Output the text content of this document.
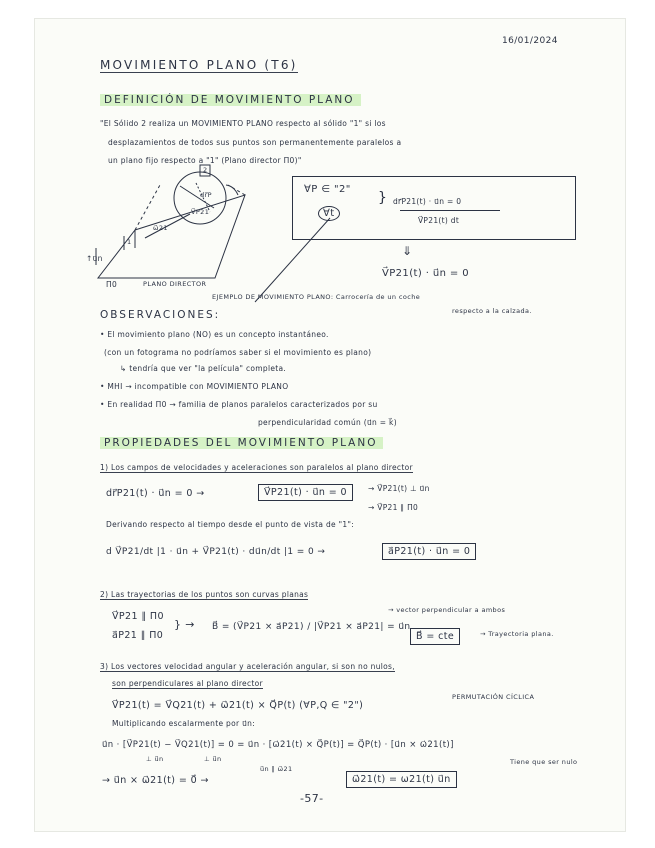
16/01/2024
MOVIMIENTO PLANO (T6)
DEFINICIÓN DE MOVIMIENTO PLANO
"El Sólido 2 realiza un MOVIMIENTO PLANO respecto al sólido "1" si los
desplazamientos de todos sus puntos son permanentemente paralelos a
un plano fijo respecto a "1" (Plano director Π0)"
2
PLANO DIRECTOR
Π0
↑u⃗n
1
ω⃗21
dr⃗P
V⃗P21
∀P ∈ "2"
∀t
} dr⃗P21(t) · u⃗n = 0
V⃗P21(t) dt
⇓
V⃗P21(t) · u⃗n = 0
EJEMPLO DE MOVIMIENTO PLANO: Carrocería de un coche
respecto a la calzada.
OBSERVACIONES:
• El movimiento plano (NO) es un concepto instantáneo.
(con un fotograma no podríamos saber si el movimiento es plano)
↳ tendría que ver "la película" completa.
• MHI → incompatible con MOVIMIENTO PLANO
• En realidad Π0 → familia de planos paralelos caracterizados por su
perpendicularidad común (u⃗n = k⃗)
PROPIEDADES DEL MOVIMIENTO PLANO
1) Los campos de velocidades y aceleraciones son paralelos al plano director
dr⃗P21(t) · u⃗n = 0 →	V⃗P21(t) · u⃗n = 0	→ V⃗P21(t) ⊥ u⃗n
→ V⃗P21 ∥ Π0
Derivando respecto al tiempo desde el punto de vista de "1":
d V⃗P21/dt |1 · u⃗n + V⃗P21(t) · du⃗n/dt |1 = 0 →	a⃗P21(t) · u⃗n = 0
2) Las trayectorias de los puntos son curvas planas
V⃗P21 ∥ Π0
a⃗P21 ∥ Π0
} → B⃗ = (V⃗P21 × a⃗P21) / |V⃗P21 × a⃗P21| = u⃗n
→ vector perpendicular a ambos
B⃗ = cte	→ Trayectoria plana.
3) Los vectores velocidad angular y aceleración angular, si son no nulos,
son perpendiculares al plano director
V⃗P21(t) = V⃗Q21(t) + ω⃗21(t) × Q⃗P(t) (∀P,Q ∈ "2")
PERMUTACIÓN CÍCLICA
Multiplicando escalarmente por u⃗n:
u⃗n · [V⃗P21(t) − V⃗Q21(t)] = 0 = u⃗n · [ω⃗21(t) × Q⃗P(t)] = Q⃗P(t) · [u⃗n × ω⃗21(t)]
⊥ u⃗n	⊥ u⃗n	Tiene que ser nulo
→ u⃗n × ω⃗21(t) = 0⃗ →
u⃗n ∥ ω⃗21
ω⃗21(t) = ω21(t) u⃗n
-57-
